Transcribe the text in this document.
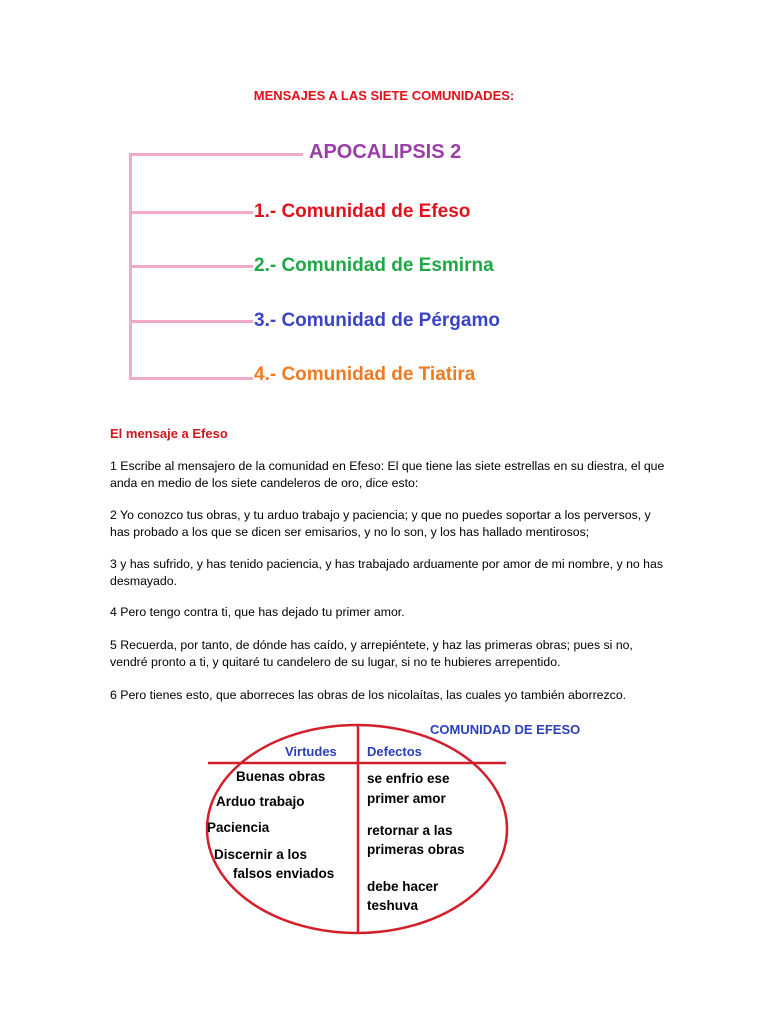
MENSAJES A LAS SIETE COMUNIDADES:
APOCALIPSIS 2
1.- Comunidad de Efeso
2.- Comunidad de Esmirna
3.- Comunidad de Pérgamo
4.- Comunidad de Tiatira
El mensaje a Efeso

1 Escribe al mensajero de la comunidad en Efeso: El que tiene las siete estrellas en su diestra, el que anda en medio de los siete candeleros de oro, dice esto:

2 Yo conozco tus obras, y tu arduo trabajo y paciencia; y que no puedes soportar a los perversos, y has probado a los que se dicen ser emisarios, y no lo son, y los has hallado mentirosos;

3 y has sufrido, y has tenido paciencia, y has trabajado arduamente por amor de mi nombre, y no has desmayado.

4 Pero tengo contra ti, que has dejado tu primer amor.

5 Recuerda, por tanto, de dónde has caído, y arrepiéntete, y haz las primeras obras; pues si no, vendré pronto a ti, y quitaré tu candelero de su lugar, si no te hubieres arrepentido.

6 Pero tienes esto, que aborreces las obras de los nicolaítas, las cuales yo también aborrezco.

COMUNIDAD DE EFESO
Virtudes Defectos
Buenas obras
Arduo trabajo
Paciencia
Discernir a los
falsos enviados
se enfrio ese
primer amor
retornar a las
primeras obras
debe hacer
teshuva
